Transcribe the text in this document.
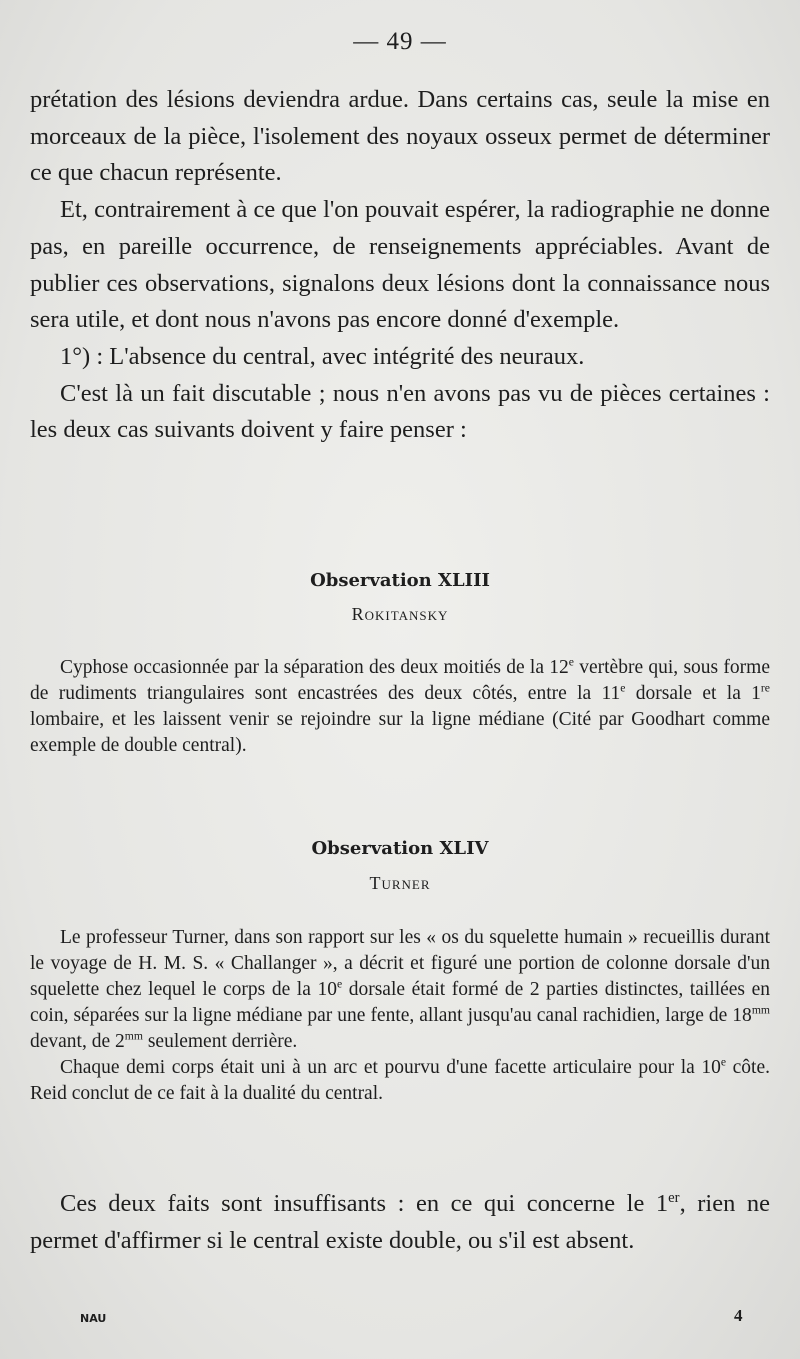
— 49 —

prétation des lésions deviendra ardue. Dans certains cas, seule la mise en morceaux de la pièce, l'isolement des noyaux osseux permet de déterminer ce que chacun représente.

Et, contrairement à ce que l'on pouvait espérer, la radiographie ne donne pas, en pareille occurrence, de renseignements appréciables. Avant de publier ces observations, signalons deux lésions dont la connaissance nous sera utile, et dont nous n'avons pas encore donné d'exemple.

1°) : L'absence du central, avec intégrité des neuraux.

C'est là un fait discutable ; nous n'en avons pas vu de pièces certaines : les deux cas suivants doivent y faire penser :

Observation XLIII
Rokitansky

Cyphose occasionnée par la séparation des deux moitiés de la 12e vertèbre qui, sous forme de rudiments triangulaires sont encastrées des deux côtés, entre la 11e dorsale et la 1re lombaire, et les laissent venir se rejoindre sur la ligne médiane (Cité par Goodhart comme exemple de double central).

Observation XLIV
Turner

Le professeur Turner, dans son rapport sur les « os du squelette humain » recueillis durant le voyage de H. M. S. « Challanger », a décrit et figuré une portion de colonne dorsale d'un squelette chez lequel le corps de la 10e dorsale était formé de 2 parties distinctes, taillées en coin, séparées sur la ligne médiane par une fente, allant jusqu'au canal rachidien, large de $18^{mm}$ devant, de $2^{mm}$ seulement derrière.

Chaque demi corps était uni à un arc et pourvu d'une facette articulaire pour la 10e côte. Reid conclut de ce fait à la dualité du central.

Ces deux faits sont insuffisants : en ce qui concerne le 1er, rien ne permet d'affirmer si le central existe double, ou s'il est absent.

NAU	4
